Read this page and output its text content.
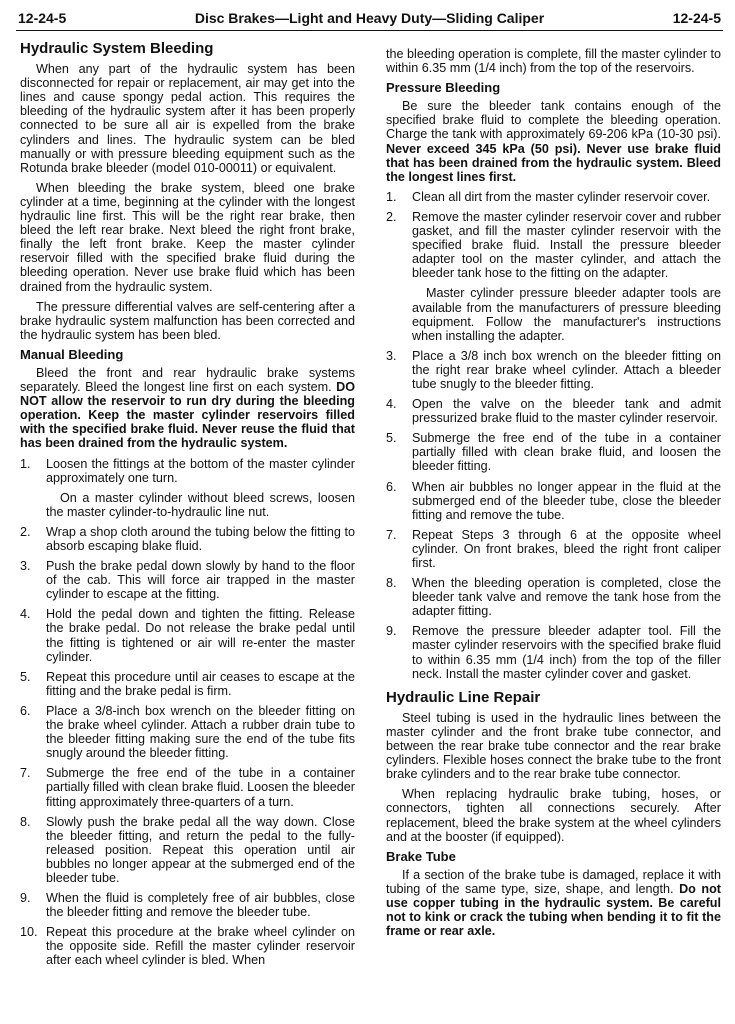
12-24-5	Disc Brakes—Light and Heavy Duty—Sliding Caliper	12-24-5
Hydraulic System Bleeding

When any part of the hydraulic system has been disconnected for repair or replacement, air may get into the lines and cause spongy pedal action. This requires the bleeding of the hydraulic system after it has been properly connected to be sure all air is expelled from the brake cylinders and lines. The hydraulic system can be bled manually or with pressure bleeding equipment such as the Rotunda brake bleeder (model 010-00011) or equivalent.

When bleeding the brake system, bleed one brake cylinder at a time, beginning at the cylinder with the longest hydraulic line first. This will be the right rear brake, then bleed the left rear brake. Next bleed the right front brake, finally the left front brake. Keep the master cylinder reservoir filled with the specified brake fluid during the bleeding operation. Never use brake fluid which has been drained from the hydraulic system.

The pressure differential valves are self-centering after a brake hydraulic system malfunction has been corrected and the hydraulic system has been bled.

Manual Bleeding

Bleed the front and rear hydraulic brake systems separately. Bleed the longest line first on each system. DO NOT allow the reservoir to run dry during the bleeding operation. Keep the master cylinder reservoirs filled with the specified brake fluid. Never reuse the fluid that has been drained from the hydraulic system.

1.	Loosen the fittings at the bottom of the master cylinder approximately one turn.
On a master cylinder without bleed screws, loosen the master cylinder-to-hydraulic line nut.
2.	Wrap a shop cloth around the tubing below the fitting to absorb escaping blake fluid.
3.	Push the brake pedal down slowly by hand to the floor of the cab. This will force air trapped in the master cylinder to escape at the fitting.
4.	Hold the pedal down and tighten the fitting. Release the brake pedal. Do not release the brake pedal until the fitting is tightened or air will re-enter the master cylinder.
5.	Repeat this procedure until air ceases to escape at the fitting and the brake pedal is firm.
6.	Place a 3/8-inch box wrench on the bleeder fitting on the brake wheel cylinder. Attach a rubber drain tube to the bleeder fitting making sure the end of the tube fits snugly around the bleeder fitting.
7.	Submerge the free end of the tube in a container partially filled with clean brake fluid. Loosen the bleeder fitting approximately three-quarters of a turn.
8.	Slowly push the brake pedal all the way down. Close the bleeder fitting, and return the pedal to the fully-released position. Repeat this operation until air bubbles no longer appear at the submerged end of the bleeder tube.
9.	When the fluid is completely free of air bubbles, close the bleeder fitting and remove the bleeder tube.
10. Repeat this procedure at the brake wheel cylinder on the opposite side. Refill the master cylinder reservoir after each wheel cylinder is bled. When

the bleeding operation is complete, fill the master cylinder to within 6.35 mm (1/4 inch) from the top of the reservoirs.

Pressure Bleeding

Be sure the bleeder tank contains enough of the specified brake fluid to complete the bleeding operation. Charge the tank with approximately 69-206 kPa (10-30 psi). Never exceed 345 kPa (50 psi). Never use brake fluid that has been drained from the hydraulic system. Bleed the longest lines first.

1.	Clean all dirt from the master cylinder reservoir cover.
2.	Remove the master cylinder reservoir cover and rubber gasket, and fill the master cylinder reservoir with the specified brake fluid. Install the pressure bleeder adapter tool on the master cylinder, and attach the bleeder tank hose to the fitting on the adapter.
Master cylinder pressure bleeder adapter tools are available from the manufacturers of pressure bleeding equipment. Follow the manufacturer's instructions when installing the adapter.
3.	Place a 3/8 inch box wrench on the bleeder fitting on the right rear brake wheel cylinder. Attach a bleeder tube snugly to the bleeder fitting.
4.	Open the valve on the bleeder tank and admit pressurized brake fluid to the master cylinder reservoir.
5.	Submerge the free end of the tube in a container partially filled with clean brake fluid, and loosen the bleeder fitting.
6.	When air bubbles no longer appear in the fluid at the submerged end of the bleeder tube, close the bleeder fitting and remove the tube.
7.	Repeat Steps 3 through 6 at the opposite wheel cylinder. On front brakes, bleed the right front caliper first.
8.	When the bleeding operation is completed, close the bleeder tank valve and remove the tank hose from the adapter fitting.
9.	Remove the pressure bleeder adapter tool. Fill the master cylinder reservoirs with the specified brake fluid to within 6.35 mm (1/4 inch) from the top of the filler neck. Install the master cylinder cover and gasket.
Hydraulic Line Repair

Steel tubing is used in the hydraulic lines between the master cylinder and the front brake tube connector, and between the rear brake tube connector and the rear brake cylinders. Flexible hoses connect the brake tube to the front brake cylinders and to the rear brake tube connector.

When replacing hydraulic brake tubing, hoses, or connectors, tighten all connections securely. After replacement, bleed the brake system at the wheel cylinders and at the booster (if equipped).

Brake Tube

If a section of the brake tube is damaged, replace it with tubing of the same type, size, shape, and length. Do not use copper tubing in the hydraulic system. Be careful not to kink or crack the tubing when bending it to fit the frame or rear axle.
